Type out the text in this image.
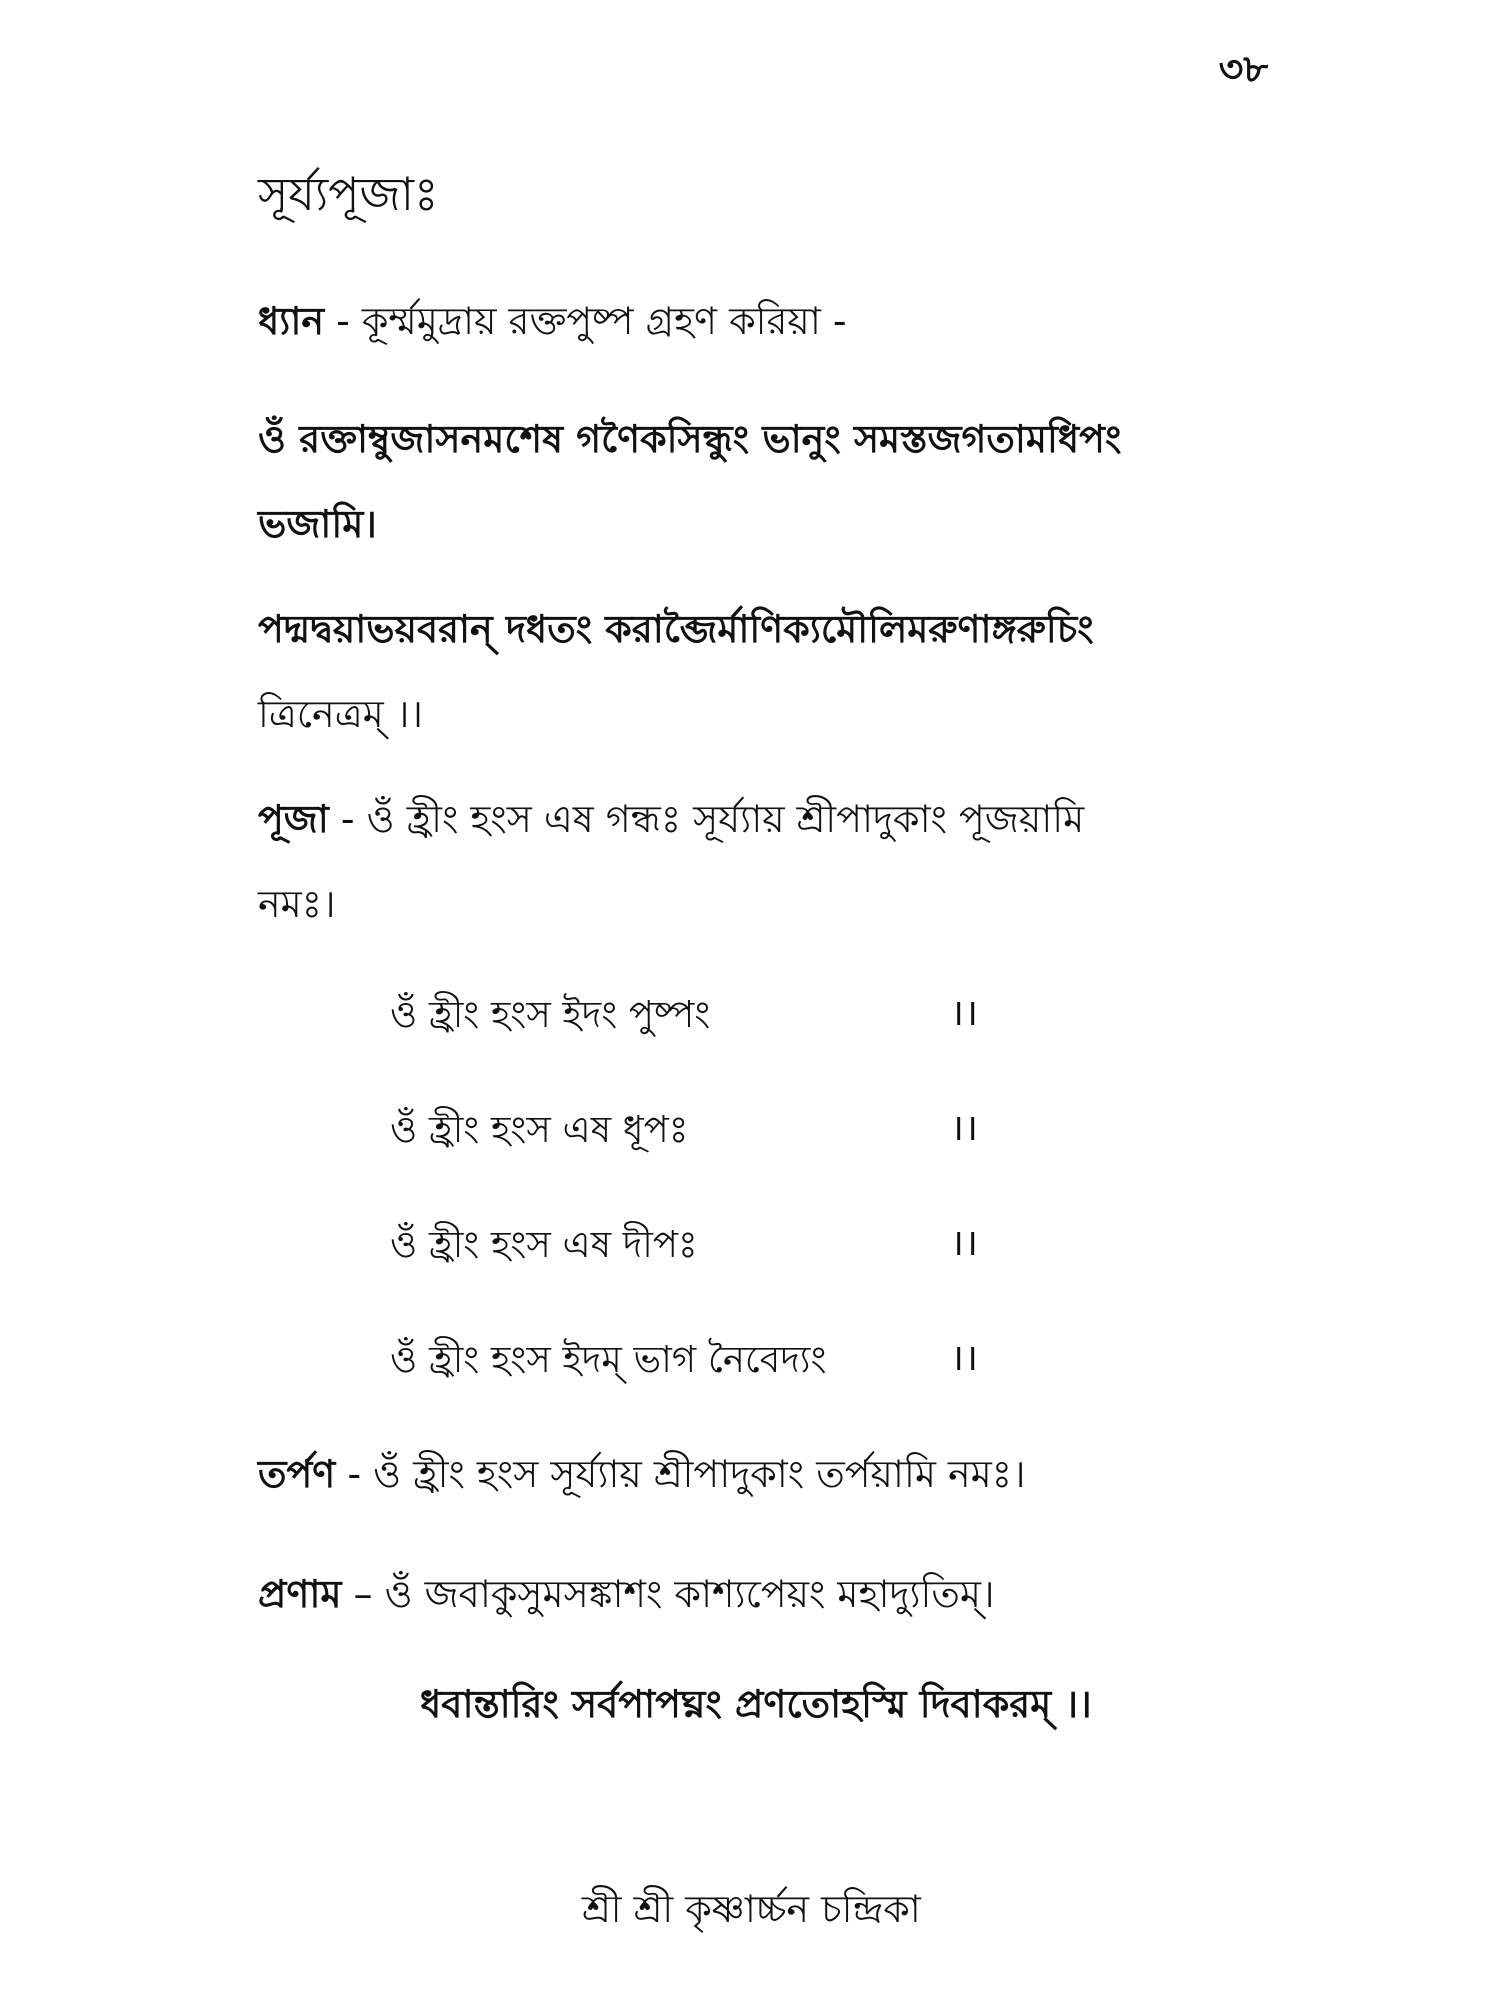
৩৮
সূর্য্যপূজাঃ
ধ্যান - কূর্ম্মমুদ্রায় রক্তপুষ্প গ্রহণ করিয়া -
ওঁ রক্তাম্বুজাসনমশেষ গণৈকসিন্ধুং ভানুং সমস্তজগতামধিপং
ভজামি।
পদ্মদ্বয়াভয়বরান্ দধতং করাব্জৈর্মাণিক্যমৌলিমরুণাঙ্গরুচিং
ত্রিনেত্রম্ ।।
পূজা - ওঁ হ্রীং হংস এষ গন্ধঃ সূর্য্যায় শ্রীপাদুকাং পূজয়ামি
নমঃ।
ওঁ হ্রীং হংস ইদং পুষ্পং	।।
ওঁ হ্রীং হংস এষ ধূপঃ	।।
ওঁ হ্রীং হংস এষ দীপঃ	।।
ওঁ হ্রীং হংস ইদম্ ভাগ নৈবেদ্যং	।।
তর্পণ - ওঁ হ্রীং হংস সূর্য্যায় শ্রীপাদুকাং তর্পয়ামি নমঃ।
প্রণাম – ওঁ জবাকুসুমসঙ্কাশং কাশ্যপেয়ং মহাদ্যুতিম্।
ধবান্তারিং সর্বপাপঘ্নং প্রণতোহস্মি দিবাকরম্ ।।
শ্রী শ্রী কৃষ্ণার্চ্চন চন্দ্রিকা
